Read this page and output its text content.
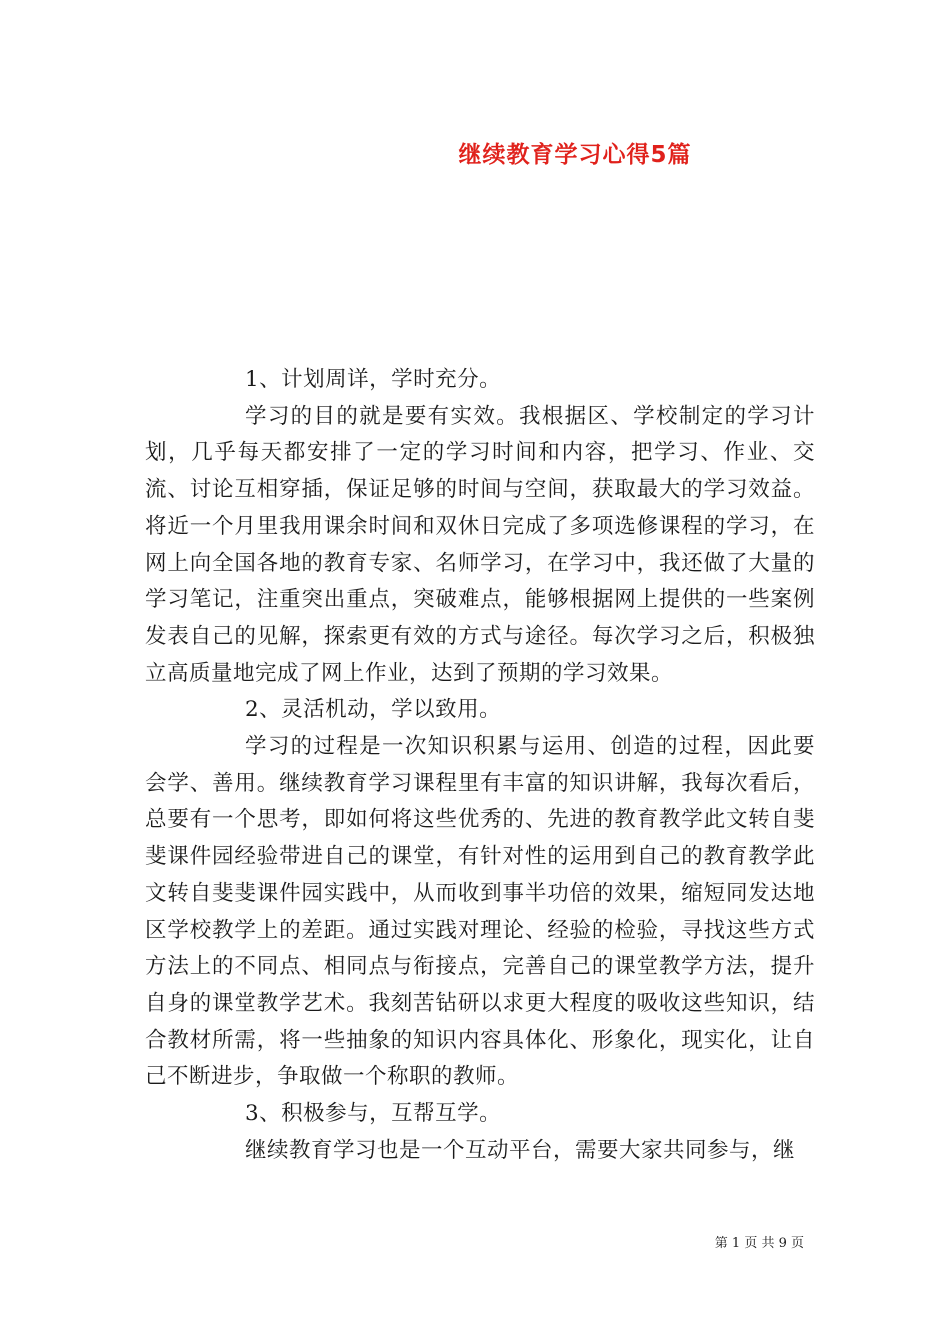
继续教育学习心得5篇

1、计划周详，学时充分。

学习的目的就是要有实效。我根据区、学校制定的学习计划，几乎每天都安排了一定的学习时间和内容，把学习、作业、交流、讨论互相穿插，保证足够的时间与空间，获取最大的学习效益。将近一个月里我用课余时间和双休日完成了多项选修课程的学习，在网上向全国各地的教育专家、名师学习，在学习中，我还做了大量的学习笔记，注重突出重点，突破难点，能够根据网上提供的一些案例发表自己的见解，探索更有效的方式与途径。每次学习之后，积极独立高质量地完成了网上作业，达到了预期的学习效果。

2、灵活机动，学以致用。

学习的过程是一次知识积累与运用、创造的过程，因此要会学、善用。继续教育学习课程里有丰富的知识讲解，我每次看后，总要有一个思考，即如何将这些优秀的、先进的教育教学此文转自斐斐课件园经验带进自己的课堂，有针对性的运用到自己的教育教学此文转自斐斐课件园实践中，从而收到事半功倍的效果，缩短同发达地区学校教学上的差距。通过实践对理论、经验的检验，寻找这些方式方法上的不同点、相同点与衔接点，完善自己的课堂教学方法，提升自身的课堂教学艺术。我刻苦钻研以求更大程度的吸收这些知识，结合教材所需，将一些抽象的知识内容具体化、形象化，现实化，让自己不断进步，争取做一个称职的教师。

3、积极参与，互帮互学。

继续教育学习也是一个互动平台，需要大家共同参与，继

第 1 页 共 9 页
